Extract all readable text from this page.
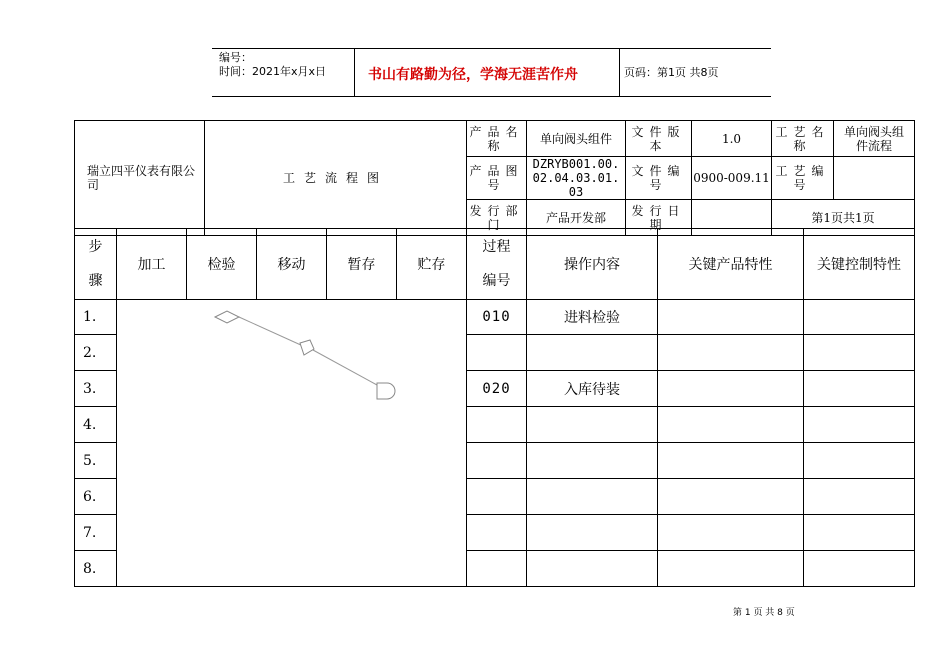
编号：
时间：2021年x月x日	书山有路勤为径，学海无涯苦作舟	页码：第1页 共8页
瑞立四平仪表有限公司	工艺流程图	产品名称	单向阀头组件	文件版本	1.0	工艺名称	单向阀头组件流程
		产品图号	DZRYB001.00.02.04.03.01.03	文件编号	0900-009.11	工艺编号	
		发行部门	产品开发部	发行日期		第1页共1页	
步骤	加工	检验	移动	暂存	贮存	过程编号	操作内容	关键产品特性	关键控制特性
1.						010	进料检验		
2.									
3.						020	入库待装		
4.									
5.									
6.									
7.									
8.									
第 1 页 共 8 页
